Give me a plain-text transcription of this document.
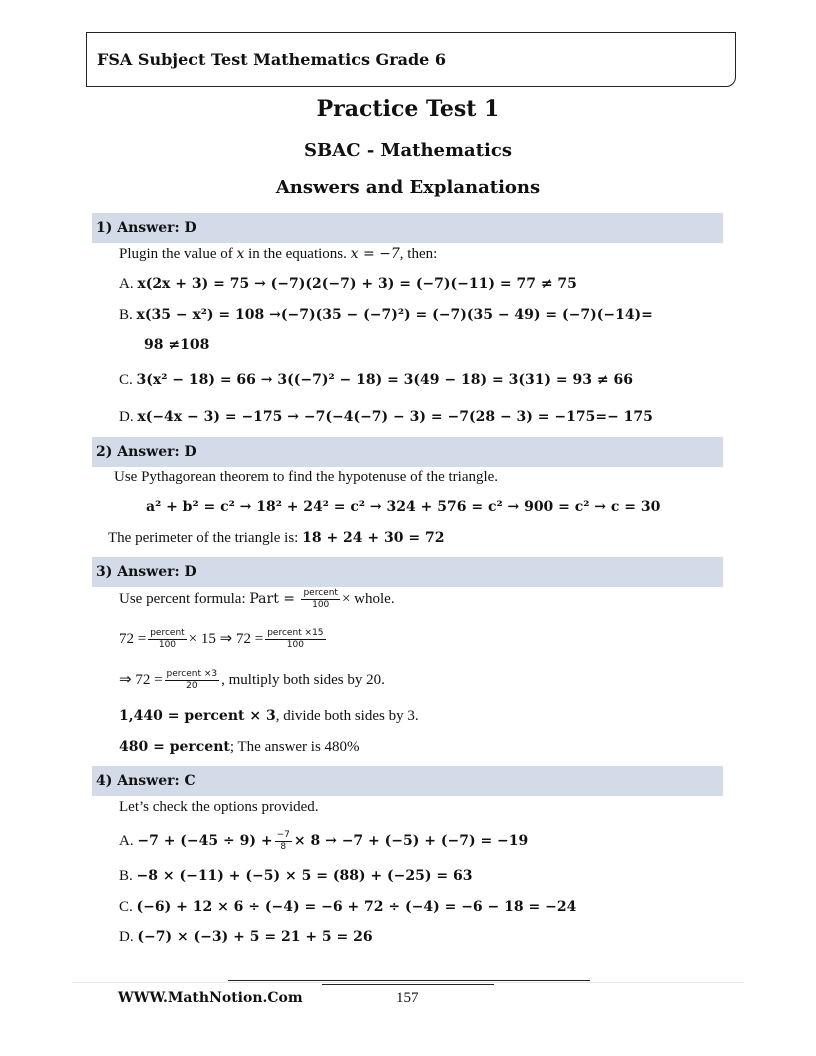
FSA Subject Test Mathematics Grade 6
Practice Test 1
SBAC - Mathematics
Answers and Explanations
1) Answer: D
Plugin the value of x in the equations. x = −7, then:
A. x(2x + 3) = 75 → (−7)(2(−7) + 3) = (−7)(−11) = 77 ≠ 75
B. x(35 − x²) = 108 →(−7)(35 − (−7)²) = (−7)(35 − 49) = (−7)(−14)=
98 ≠108
C. 3(x² − 18) = 66 → 3((−7)² − 18) = 3(49 − 18) = 3(31) = 93 ≠ 66
D. x(−4x − 3) = −175 → −7(−4(−7) − 3) = −7(28 − 3) = −175=− 175
2) Answer: D
Use Pythagorean theorem to find the hypotenuse of the triangle.
a² + b² = c² → 18² + 24² = c² → 324 + 576 = c² → 900 = c² → c = 30
The perimeter of the triangle is: 18 + 24 + 30 = 72
3) Answer: D
Use percent formula: Part = $\frac{\text{percent}}{100}$ × whole.
$72 = \frac{\text{percent}}{100} \times 15$ ⇒ $72 = \frac{\text{percent ×15}}{100}$
⇒ $72 = \frac{\text{percent ×3}}{20}$ , multiply both sides by 20.
1,440 = percent × 3, divide both sides by 3.
480 = percent; The answer is 480%
4) Answer: C
Let’s check the options provided.
A. $-7 + (-45 \div 9) + \frac{-7}{8} \times 8 \to -7 + (-5) + (-7) = -19$
B. −8 × (−11) + (−5) × 5 = (88) + (−25) = 63
C. (−6) + 12 × 6 ÷ (−4) = −6 + 72 ÷ (−4) = −6 − 18 = −24
D. (−7) × (−3) + 5 = 21 + 5 = 26
WWW.MathNotion.Com	157
